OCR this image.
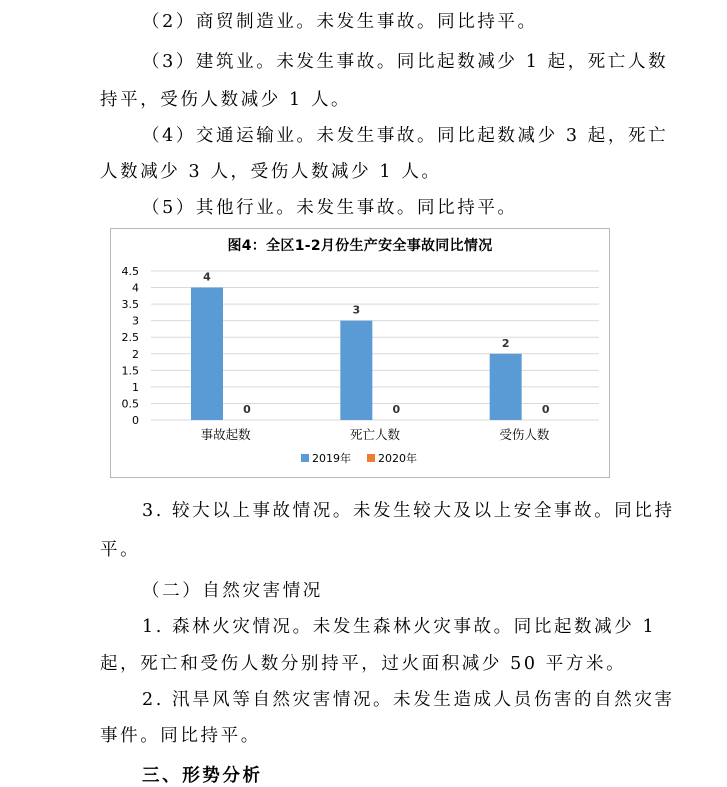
（2）商贸制造业。未发生事故。同比持平。
（3）建筑业。未发生事故。同比起数减少 1 起，死亡人数
持平，受伤人数减少 1 人。
（4）交通运输业。未发生事故。同比起数减少 3 起，死亡
人数减少 3 人，受伤人数减少 1 人。
（5）其他行业。未发生事故。同比持平。
图4：全区1-2月份生产安全事故同比情况
0
0.5
1
1.5
2
2.5
3
3.5
4
4.5	4
0
事故起数
3
0
死亡人数
2
0
受伤人数
2019年 2020年
3. 较大以上事故情况。未发生较大及以上安全事故。同比持
平。
（二）自然灾害情况
1. 森林火灾情况。未发生森林火灾事故。同比起数减少 1
起，死亡和受伤人数分别持平，过火面积减少 50 平方米。
2. 汛旱风等自然灾害情况。未发生造成人员伤害的自然灾害
事件。同比持平。
三、形势分析
